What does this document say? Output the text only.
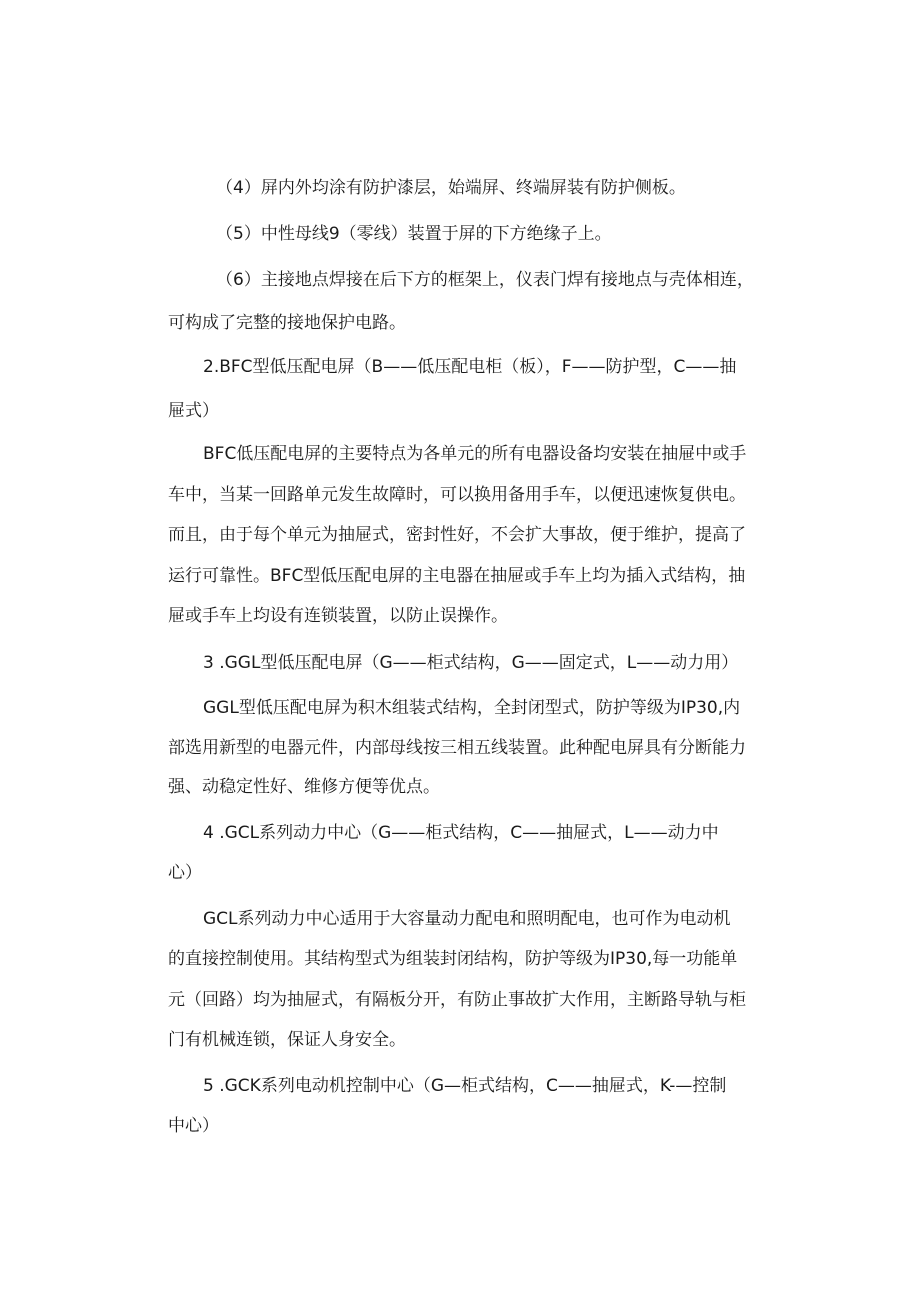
（4）屏内外均涂有防护漆层，始端屏、终端屏装有防护侧板。

（5）中性母线9（零线）装置于屏的下方绝缘子上。

（6）主接地点焊接在后下方的框架上，仪表门焊有接地点与壳体相连，

可构成了完整的接地保护电路。

2.BFC型低压配电屏（B——低压配电柜（板），F——防护型，C——抽

屉式）

BFC低压配电屏的主要特点为各单元的所有电器设备均安装在抽屉中或手

车中，当某一回路单元发生故障时，可以换用备用手车，以便迅速恢复供电。

而且，由于每个单元为抽屉式，密封性好，不会扩大事故，便于维护，提高了

运行可靠性。BFC型低压配电屏的主电器在抽屉或手车上均为插入式结构，抽

屉或手车上均设有连锁装置，以防止误操作。

3 .GGL型低压配电屏（G——柜式结构，G——固定式，L——动力用）

GGL型低压配电屏为积木组装式结构，全封闭型式，防护等级为IP30,内

部选用新型的电器元件，内部母线按三相五线装置。此种配电屏具有分断能力

强、动稳定性好、维修方便等优点。

4 .GCL系列动力中心（G——柜式结构，C——抽屉式，L——动力中

心）

GCL系列动力中心适用于大容量动力配电和照明配电，也可作为电动机

的直接控制使用。其结构型式为组装封闭结构，防护等级为IP30,每一功能单

元（回路）均为抽屉式，有隔板分开，有防止事故扩大作用，主断路导轨与柜

门有机械连锁，保证人身安全。

5 .GCK系列电动机控制中心（G—柜式结构，C——抽屉式，K-—控制

中心）
